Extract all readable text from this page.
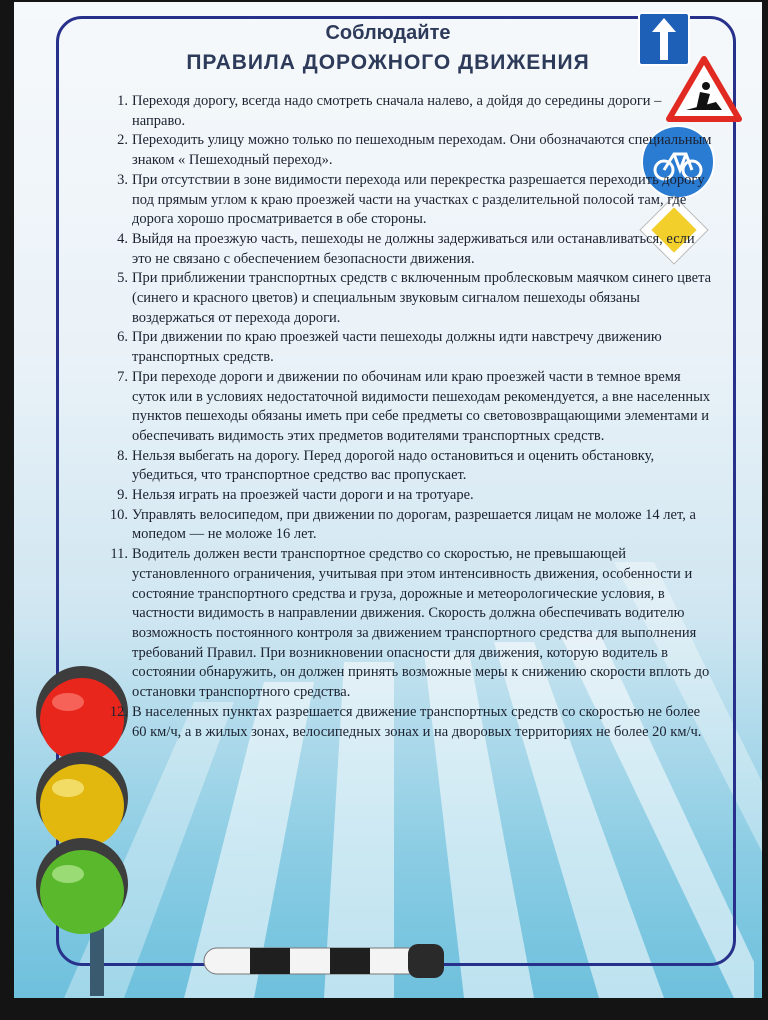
Соблюдайте
ПРАВИЛА ДОРОЖНОГО ДВИЖЕНИЯ
1. Переходя дорогу, всегда надо смотреть сначала налево, а дойдя до середины дороги – направо.
2. Переходить улицу можно только по пешеходным переходам. Они обозначаются специальным знаком « Пешеходный переход».
3. При отсутствии в зоне видимости перехода или перекрестка разрешается переходить дорогу под прямым углом к краю проезжей части на участках с разделительной полосой там, где дорога хорошо просматривается в обе стороны.
4. Выйдя на проезжую часть, пешеходы не должны задерживаться или останавливаться, если это не связано с обеспечением безопасности движения.
5. При приближении транспортных средств с включенным проблесковым маячком синего цвета (синего и красного цветов) и специальным звуковым сигналом пешеходы обязаны воздержаться от перехода дороги.
6. При движении по краю проезжей части пешеходы должны идти навстречу движению транспортных средств.
7. При переходе дороги и движении по обочинам или краю проезжей части в темное время суток или в условиях недостаточной видимости пешеходам рекомендуется, а вне населенных пунктов пешеходы обязаны иметь при себе предметы со световозвращающими элементами и обеспечивать видимость этих предметов водителями транспортных средств.
8. Нельзя выбегать на дорогу. Перед дорогой надо остановиться и оценить обстановку, убедиться, что транспортное средство вас пропускает.
9. Нельзя играть на проезжей части дороги и на тротуаре.
10. Управлять велосипедом, при движении по дорогам, разрешается лицам не моложе 14 лет, а мопедом — не моложе 16 лет.
11. Водитель должен вести транспортное средство со скоростью, не превышающей установленного ограничения, учитывая при этом интенсивность движения, особенности и состояние транспортного средства и груза, дорожные и метеорологические условия, в частности видимость в направлении движения. Скорость должна обеспечивать водителю возможность постоянного контроля за движением транспортного средства для выполнения требований Правил. При возникновении опасности для движения, которую водитель в состоянии обнаружить, он должен принять возможные меры к снижению скорости вплоть до остановки транспортного средства.
12. В населенных пунктах разрешается движение транспортных средств со скоростью не более 60 км/ч, а в жилых зонах, велосипедных зонах и на дворовых территориях не более 20 км/ч.
